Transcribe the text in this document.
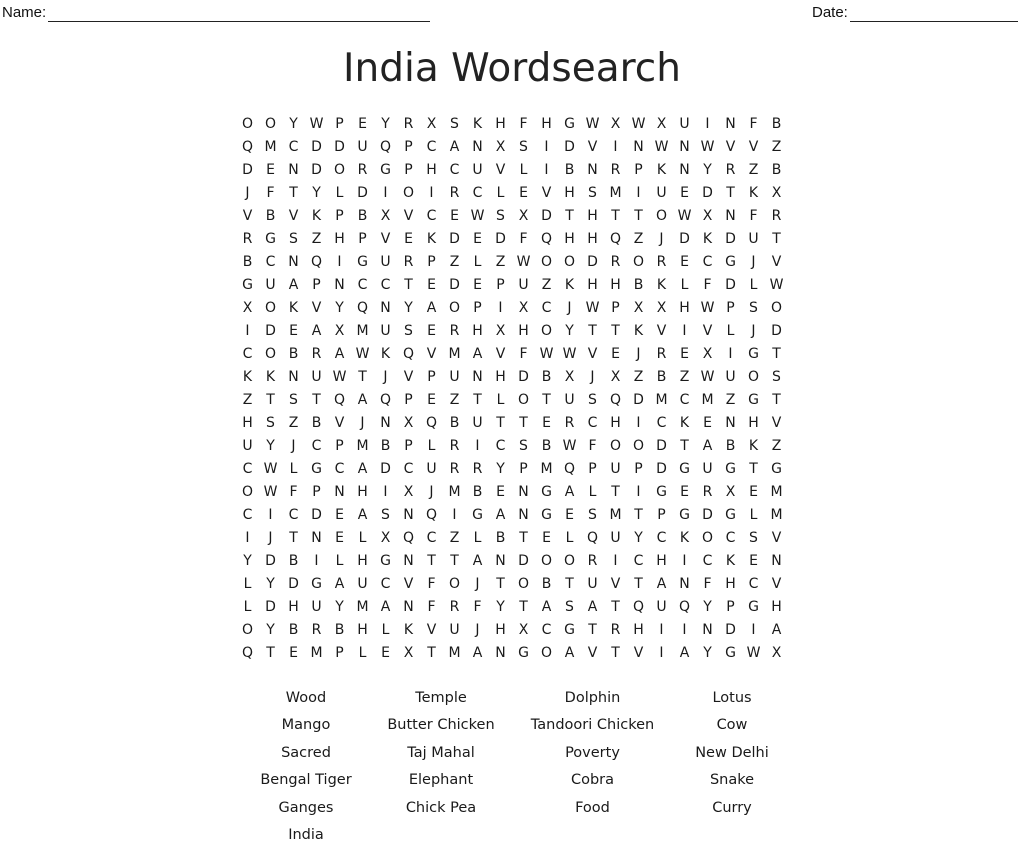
Name:	Date:
India Wordsearch
O O Y W P	E	Y R X S K H F H G W X W X U	I	N F	B
Q M C D D U Q P C A N X S	I	D V	I	N W N W V V Z
D E N D O R G P H C U V	L	I	B N R P	K N Y R Z B
J	F	T	Y	L D	I	O	I	R C	L	E V H S M	I	U E D T	K X
V B V K	P B X V C E W S X D T H T	T O W X N F	R
R G S Z H P V E K D E D F Q H H Q Z	J	D K D U T
B C N Q	I	G U R P Z	L	Z W O O D R O R E C G	J	V
G U A P N C C T	E D E	P U Z K H H B K	L	F D L W
X O K V Y Q N Y A O P	I	X C	J	W P X X H W P	S O
I	D E A X M U S	E R H X H O Y	T	T	K V	I	V	L	J	D
C O B R A W K Q V M A V	F W W V E	J	R E X	I	G T
K K N U W T	J	V P U N H D B X	J	X Z B Z W U O S
Z T	S	T Q A Q P	E Z T	L O T U S Q D M C M Z G T
H S Z B V	J	N X Q B U T	T	E R C H	I	C K E N H V
U Y	J	C P M B P	L	R	I	C S B W F O O D T A B K Z
C W L G C A D C U R R Y	P M Q P U P D G U G T G
O W F	P N H	I	X	J	M B E N G A	L	T	I	G E R X E M
C	I	C D E A S N Q	I	G A N G E	S M T	P G D G L M
I	J	T N E	L	X Q C Z	L	B T	E	L Q U Y C K O C S V
Y D B	I	L H G N T	T A N D O O R	I	C H	I	C K E N
L	Y D G A U C V	F O	J	T O B T U V T A N F H C V
L D H U Y M A N F	R	F	Y	T A S A T Q U Q Y	P G H
O Y B R B H L	K V U	J	H X C G T R H	I	I	N D	I	A
Q T	E M P	L	E X T M A N G O A V T V	I	A Y G W X
Wood	Temple	Dolphin	Lotus
Mango	Butter Chicken	Tandoori Chicken	Cow
Sacred	Taj Mahal	Poverty	New Delhi
Bengal Tiger	Elephant	Cobra	Snake
Ganges	Chick Pea	Food	Curry
India
